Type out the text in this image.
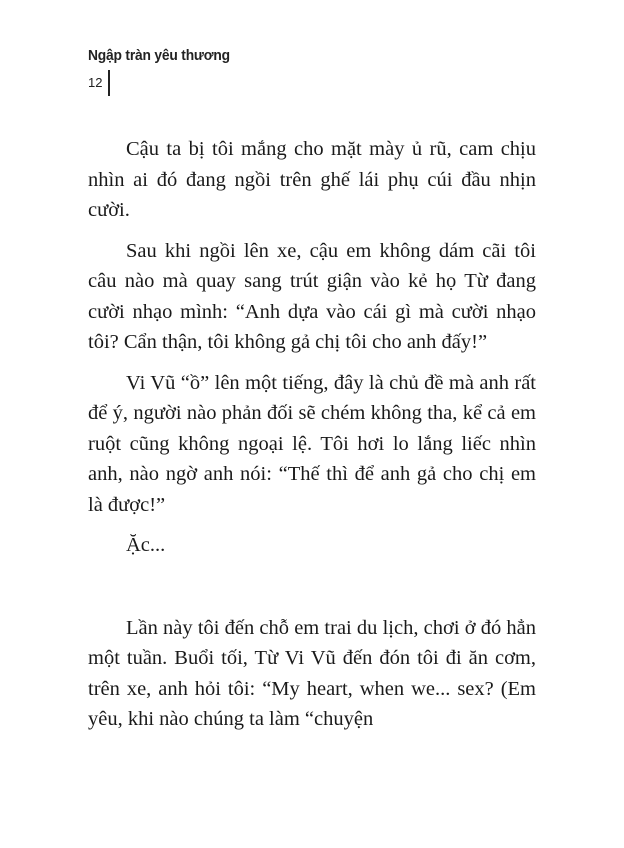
Ngập tràn yêu thương
12

Cậu ta bị tôi mắng cho mặt mày ủ rũ, cam chịu nhìn ai đó đang ngồi trên ghế lái phụ cúi đầu nhịn cười.

Sau khi ngồi lên xe, cậu em không dám cãi tôi câu nào mà quay sang trút giận vào kẻ họ Từ đang cười nhạo mình: “Anh dựa vào cái gì mà cười nhạo tôi? Cẩn thận, tôi không gả chị tôi cho anh đấy!”

Vi Vũ “ồ” lên một tiếng, đây là chủ đề mà anh rất để ý, người nào phản đối sẽ chém không tha, kể cả em ruột cũng không ngoại lệ. Tôi hơi lo lắng liếc nhìn anh, nào ngờ anh nói: “Thế thì để anh gả cho chị em là được!”

Ặc...

Lần này tôi đến chỗ em trai du lịch, chơi ở đó hẳn một tuần. Buổi tối, Từ Vi Vũ đến đón tôi đi ăn cơm, trên xe, anh hỏi tôi: “My heart, when we... sex? (Em yêu, khi nào chúng ta làm “chuyện
